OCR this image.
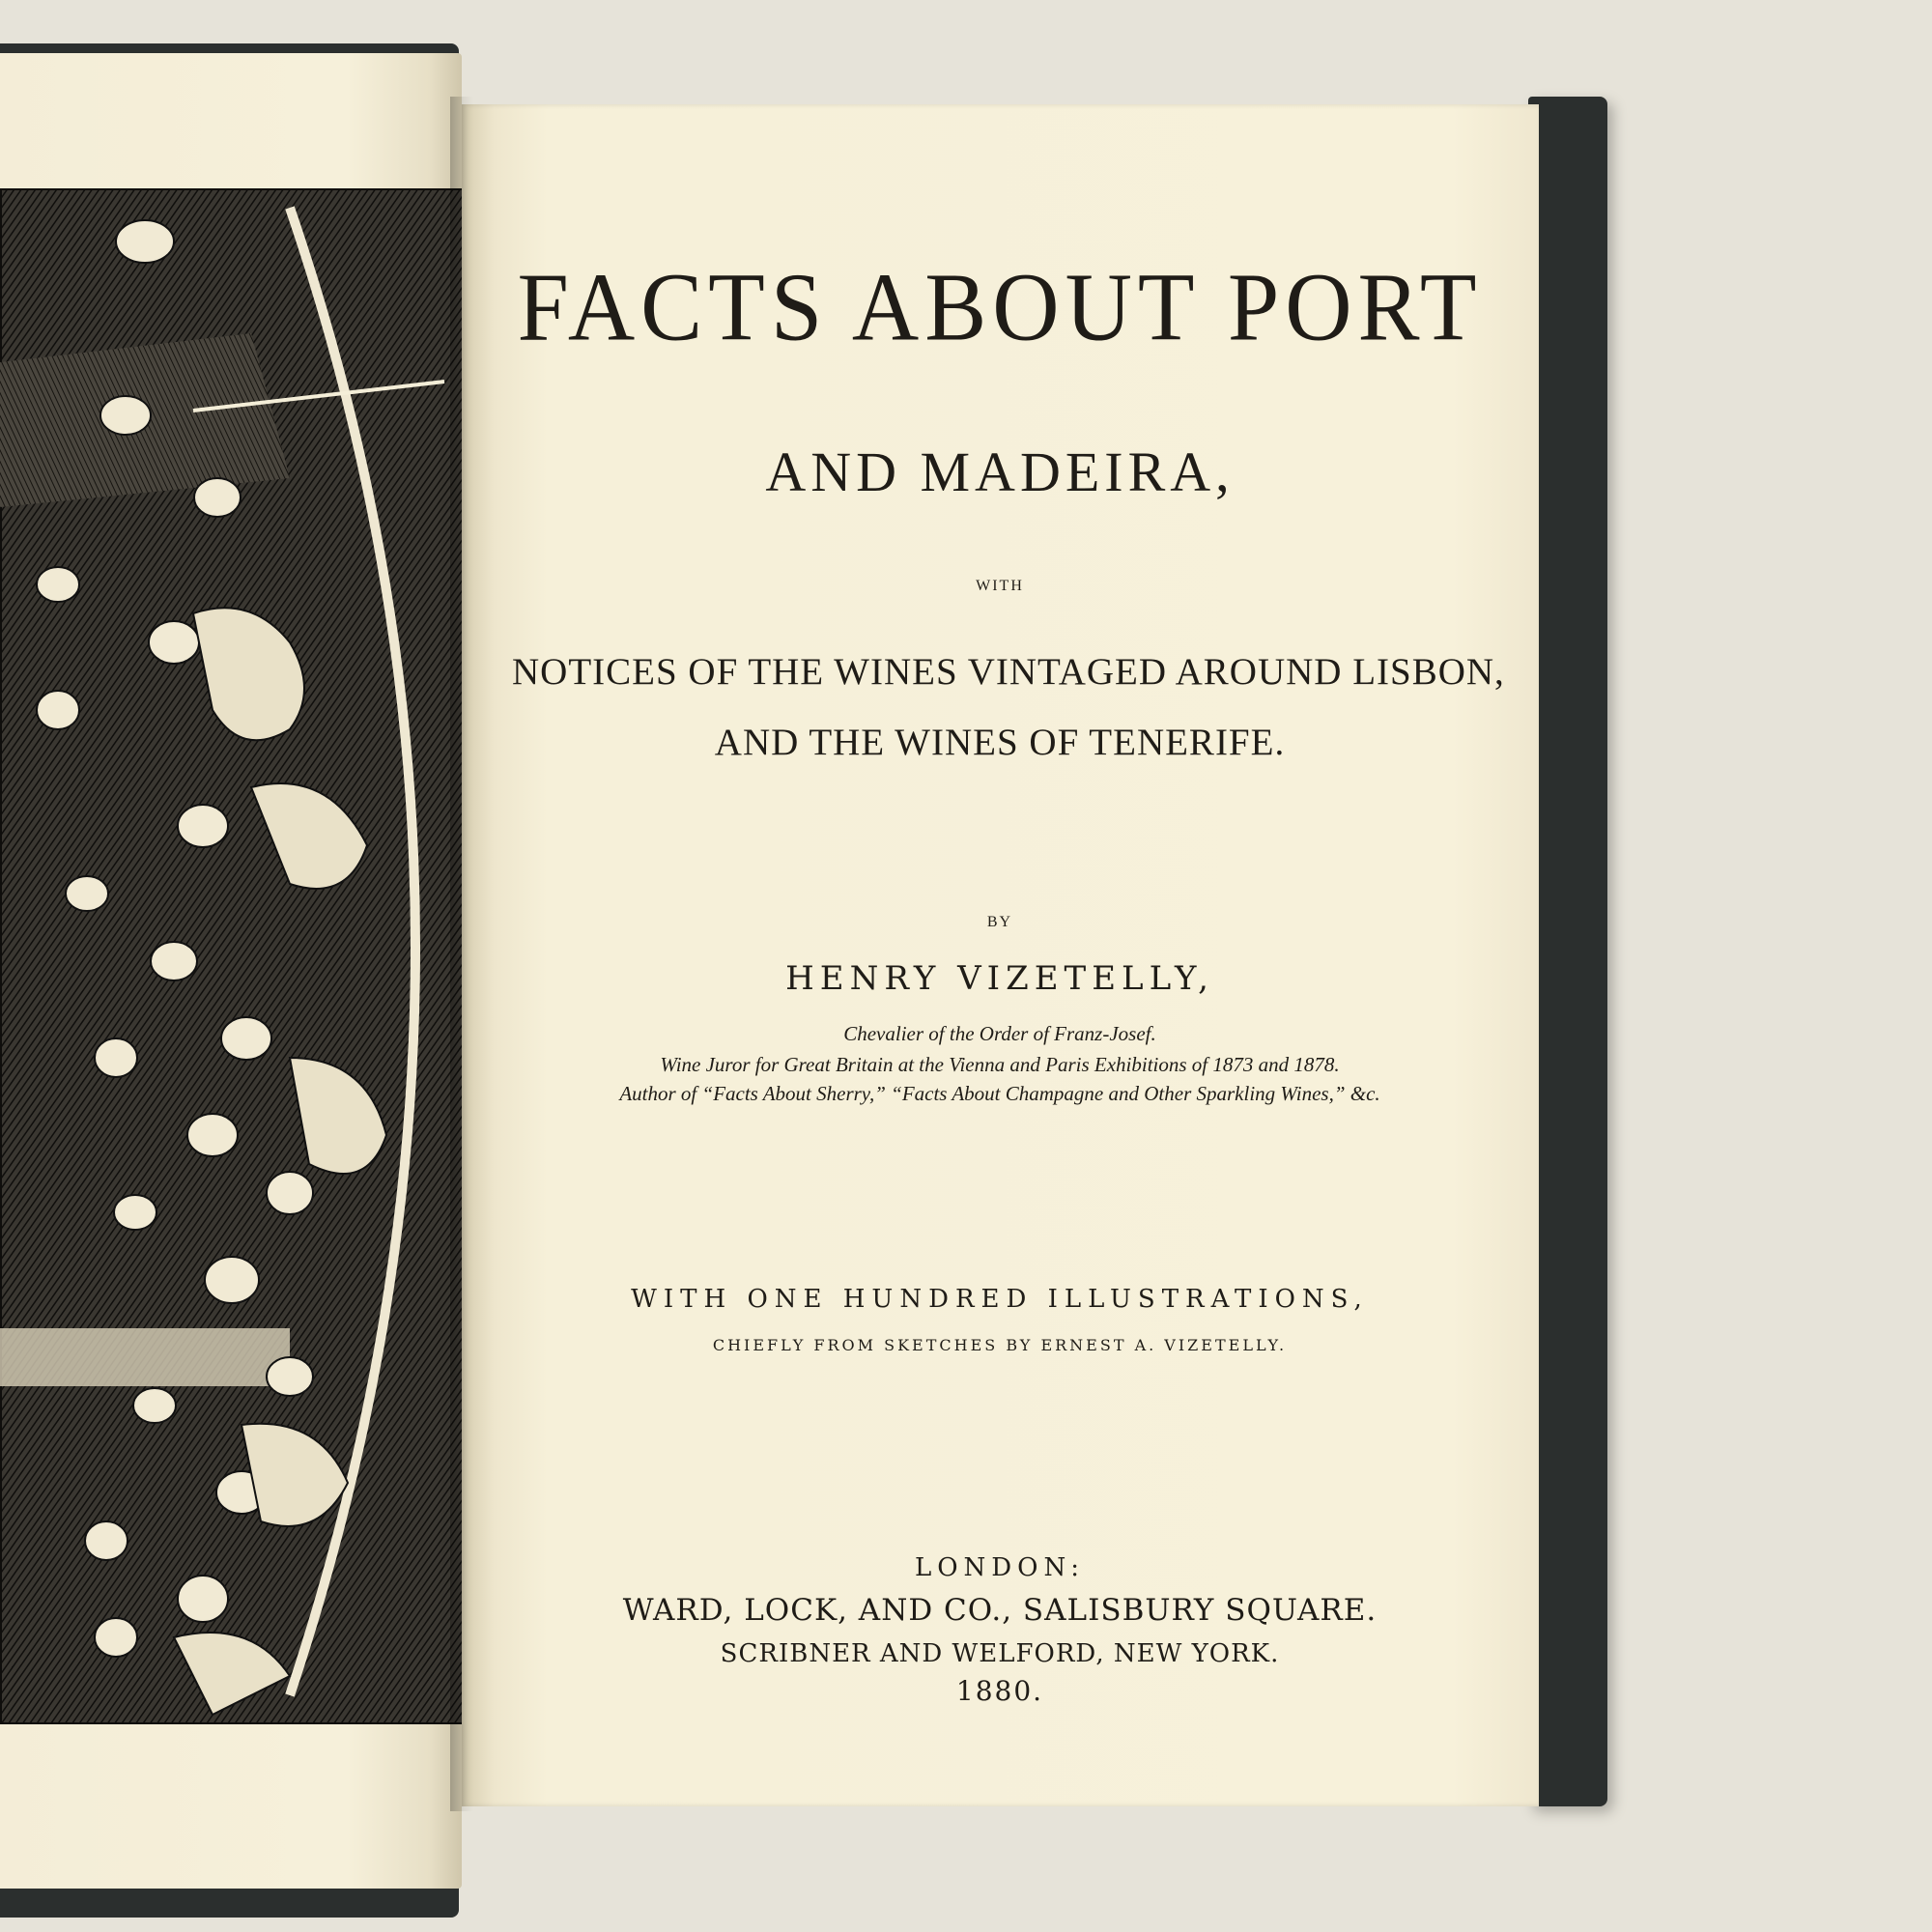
FACTS ABOUT PORT

AND MADEIRA,

WITH

NOTICES OF THE WINES VINTAGED AROUND LISBON,

AND THE WINES OF TENERIFE.

BY

HENRY VIZETELLY,

Chevalier of the Order of Franz-Josef.

Wine Juror for Great Britain at the Vienna and Paris Exhibitions of 1873 and 1878.

Author of “Facts About Sherry,” “Facts About Champagne and Other Sparkling Wines,” &c.

WITH ONE HUNDRED ILLUSTRATIONS,

CHIEFLY FROM SKETCHES BY ERNEST A. VIZETELLY.

LONDON:

WARD, LOCK, AND CO., SALISBURY SQUARE.

SCRIBNER AND WELFORD, NEW YORK.

1880.
